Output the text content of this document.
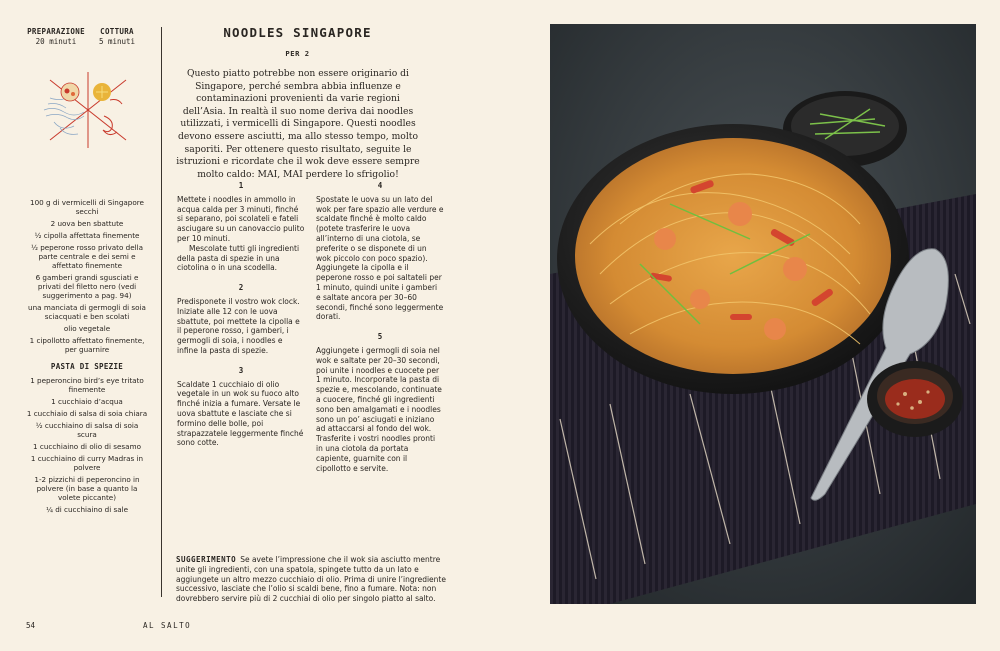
PREPARAZIONE
20 minuti
COTTURA
5 minuti
100 g di vermicelli di Singapore secchi
2 uova ben sbattute
½ cipolla affettata finemente
½ peperone rosso privato della parte centrale e dei semi e affettato finemente
6 gamberi grandi sgusciati e privati del filetto nero (vedi suggerimento a pag. 94)
una manciata di germogli di soia sciacquati e ben scolati
olio vegetale
1 cipollotto affettato finemente, per guarnire
PASTA DI SPEZIE
1 peperoncino bird’s eye tritato finemente
1 cucchiaio d’acqua
1 cucchiaio di salsa di soia chiara
½ cucchiaino di salsa di soia scura
1 cucchiaino di olio di sesamo
1 cucchiaino di curry Madras in polvere
1-2 pizzichi di peperoncino in polvere (in base a quanto la volete piccante)
¼ di cucchiaino di sale
NOODLES SINGAPORE
PER 2
Questo piatto potrebbe non essere originario di Singapore, perché sembra abbia influenze e contaminazioni provenienti da varie regioni dell’Asia. In realtà il suo nome deriva dai noodles utilizzati, i vermicelli di Singapore. Questi noodles devono essere asciutti, ma allo stesso tempo, molto saporiti. Per ottenere questo risultato, seguite le istruzioni e ricordate che il wok deve essere sempre molto caldo: MAI, MAI perdere lo sfrigolio!
1
Mettete i noodles in ammollo in acqua calda per 3 minuti, finché si separano, poi scolateli e fateli asciugare su un canovaccio pulito per 10 minuti.
Mescolate tutti gli ingredienti della pasta di spezie in una ciotolina o in una scodella.
2
Predisponete il vostro wok clock. Iniziate alle 12 con le uova sbattute, poi mettete la cipolla e il peperone rosso, i gamberi, i germogli di soia, i noodles e infine la pasta di spezie.
3
Scaldate 1 cucchiaio di olio vegetale in un wok su fuoco alto finché inizia a fumare. Versate le uova sbattute e lasciate che si formino delle bolle, poi strapazzatele leggermente finché sono cotte.
4
Spostate le uova su un lato del wok per fare spazio alle verdure e scaldate finché è molto caldo (potete trasferire le uova all’interno di una ciotola, se preferite o se disponete di un wok piccolo con poco spazio). Aggiungete la cipolla e il peperone rosso e poi saltateli per 1 minuto, quindi unite i gamberi e saltate ancora per 30–60 secondi, finché sono leggermente dorati.
5
Aggiungete i germogli di soia nel wok e saltate per 20–30 secondi, poi unite i noodles e cuocete per 1 minuto. Incorporate la pasta di spezie e, mescolando, continuate a cuocere, finché gli ingredienti sono ben amalgamati e i noodles sono un po’ asciugati e iniziano ad attaccarsi al fondo del wok. Trasferite i vostri noodles pronti in una ciotola da portata capiente, guarnite con il cipollotto e servite.
SUGGERIMENTO Se avete l’impressione che il wok sia asciutto mentre unite gli ingredienti, con una spatola, spingete tutto da un lato e aggiungete un altro mezzo cucchiaio di olio. Prima di unire l’ingrediente successivo, lasciate che l’olio si scaldi bene, fino a fumare. Nota: non dovrebbero servire più di 2 cucchiai di olio per singolo piatto al salto.
54	AL SALTO
